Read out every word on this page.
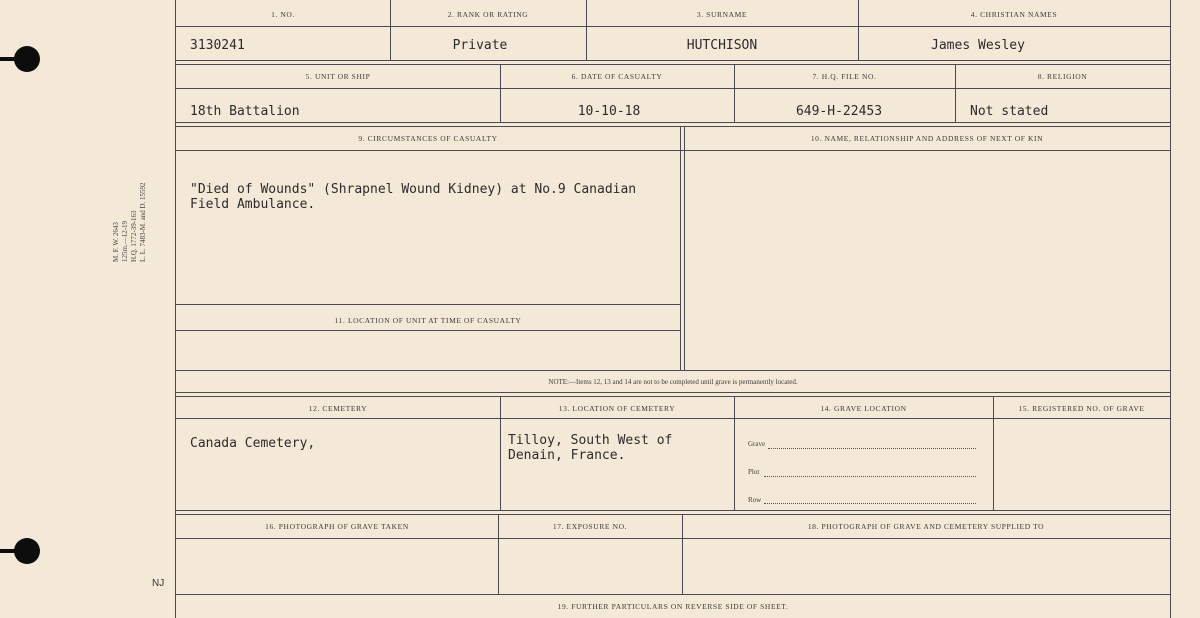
M. F. W. 2643 125m.—12-19 H.Q. 1772-39-163 L. L. 7483-M. and D. 15592
NJ
1. NO.	2. RANK OR RATING	3. SURNAME	4. CHRISTIAN NAMES
3130241	Private	HUTCHISON	James Wesley
5. UNIT OR SHIP	6. DATE OF CASUALTY	7. H.Q. FILE NO.	8. RELIGION
18th Battalion	10-10-18	649-H-22453	Not stated
9. CIRCUMSTANCES OF CASUALTY	10. NAME, RELATIONSHIP AND ADDRESS OF NEXT OF KIN
"Died of Wounds" (Shrapnel Wound Kidney) at No.9 Canadian
Field Ambulance.
11. LOCATION OF UNIT AT TIME OF CASUALTY
NOTE:—Items 12, 13 and 14 are not to be completed until grave is permanently located.
12. CEMETERY	13. LOCATION OF CEMETERY	14. GRAVE LOCATION	15. REGISTERED NO. OF GRAVE
Canada Cemetery,	Tilloy, South West of
Denain, France.
Grave
Plot
Row
16. PHOTOGRAPH OF GRAVE TAKEN	17. EXPOSURE NO.	18. PHOTOGRAPH OF GRAVE AND CEMETERY SUPPLIED TO
19. FURTHER PARTICULARS ON REVERSE SIDE OF SHEET.
